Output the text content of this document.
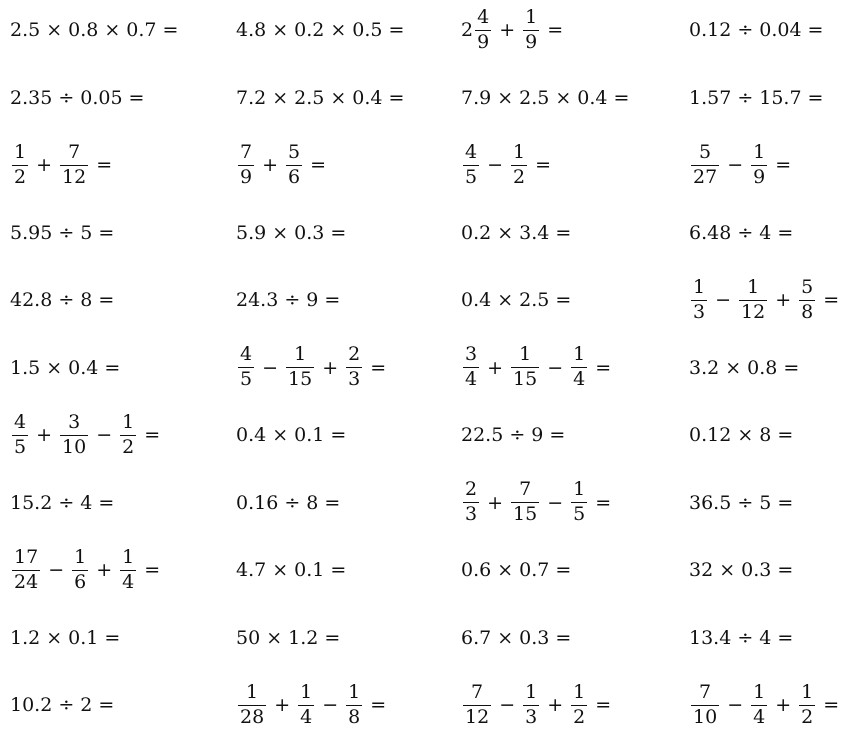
2.5 × 0.8 × 0.7 =	4.8 × 0.2 × 0.5 =	$2 \frac{4}{9} + \frac{1}{9}$ =	0.12 ÷ 0.04 =
2.35 ÷ 0.05 =	7.2 × 2.5 × 0.4 =	7.9 × 2.5 × 0.4 =	1.57 ÷ 15.7 =
$\frac{1}{2} + \frac{7}{12}$ =	$\frac{7}{9} + \frac{5}{6}$ =	$\frac{4}{5} - \frac{1}{2}$ =	$\frac{5}{27} - \frac{1}{9}$ =
5.95 ÷ 5 =	5.9 × 0.3 =	0.2 × 3.4 =	6.48 ÷ 4 =
42.8 ÷ 8 =	24.3 ÷ 9 =	0.4 × 2.5 =	$\frac{1}{3} - \frac{1}{12} + \frac{5}{8}$ =
1.5 × 0.4 =	$\frac{4}{5} - \frac{1}{15} + \frac{2}{3}$ =	$\frac{3}{4} + \frac{1}{15} - \frac{1}{4}$ =	3.2 × 0.8 =
$\frac{4}{5} + \frac{3}{10} - \frac{1}{2}$ =	0.4 × 0.1 =	22.5 ÷ 9 =	0.12 × 8 =
15.2 ÷ 4 =	0.16 ÷ 8 =	$\frac{2}{3} + \frac{7}{15} - \frac{1}{5}$ =	36.5 ÷ 5 =
$\frac{17}{24} - \frac{1}{6} + \frac{1}{4}$ =	4.7 × 0.1 =	0.6 × 0.7 =	32 × 0.3 =
1.2 × 0.1 =	50 × 1.2 =	6.7 × 0.3 =	13.4 ÷ 4 =
10.2 ÷ 2 =	$\frac{1}{28} + \frac{1}{4} - \frac{1}{8}$ =	$\frac{7}{12} - \frac{1}{3} + \frac{1}{2}$ =	$\frac{7}{10} - \frac{1}{4} + \frac{1}{2}$ =
